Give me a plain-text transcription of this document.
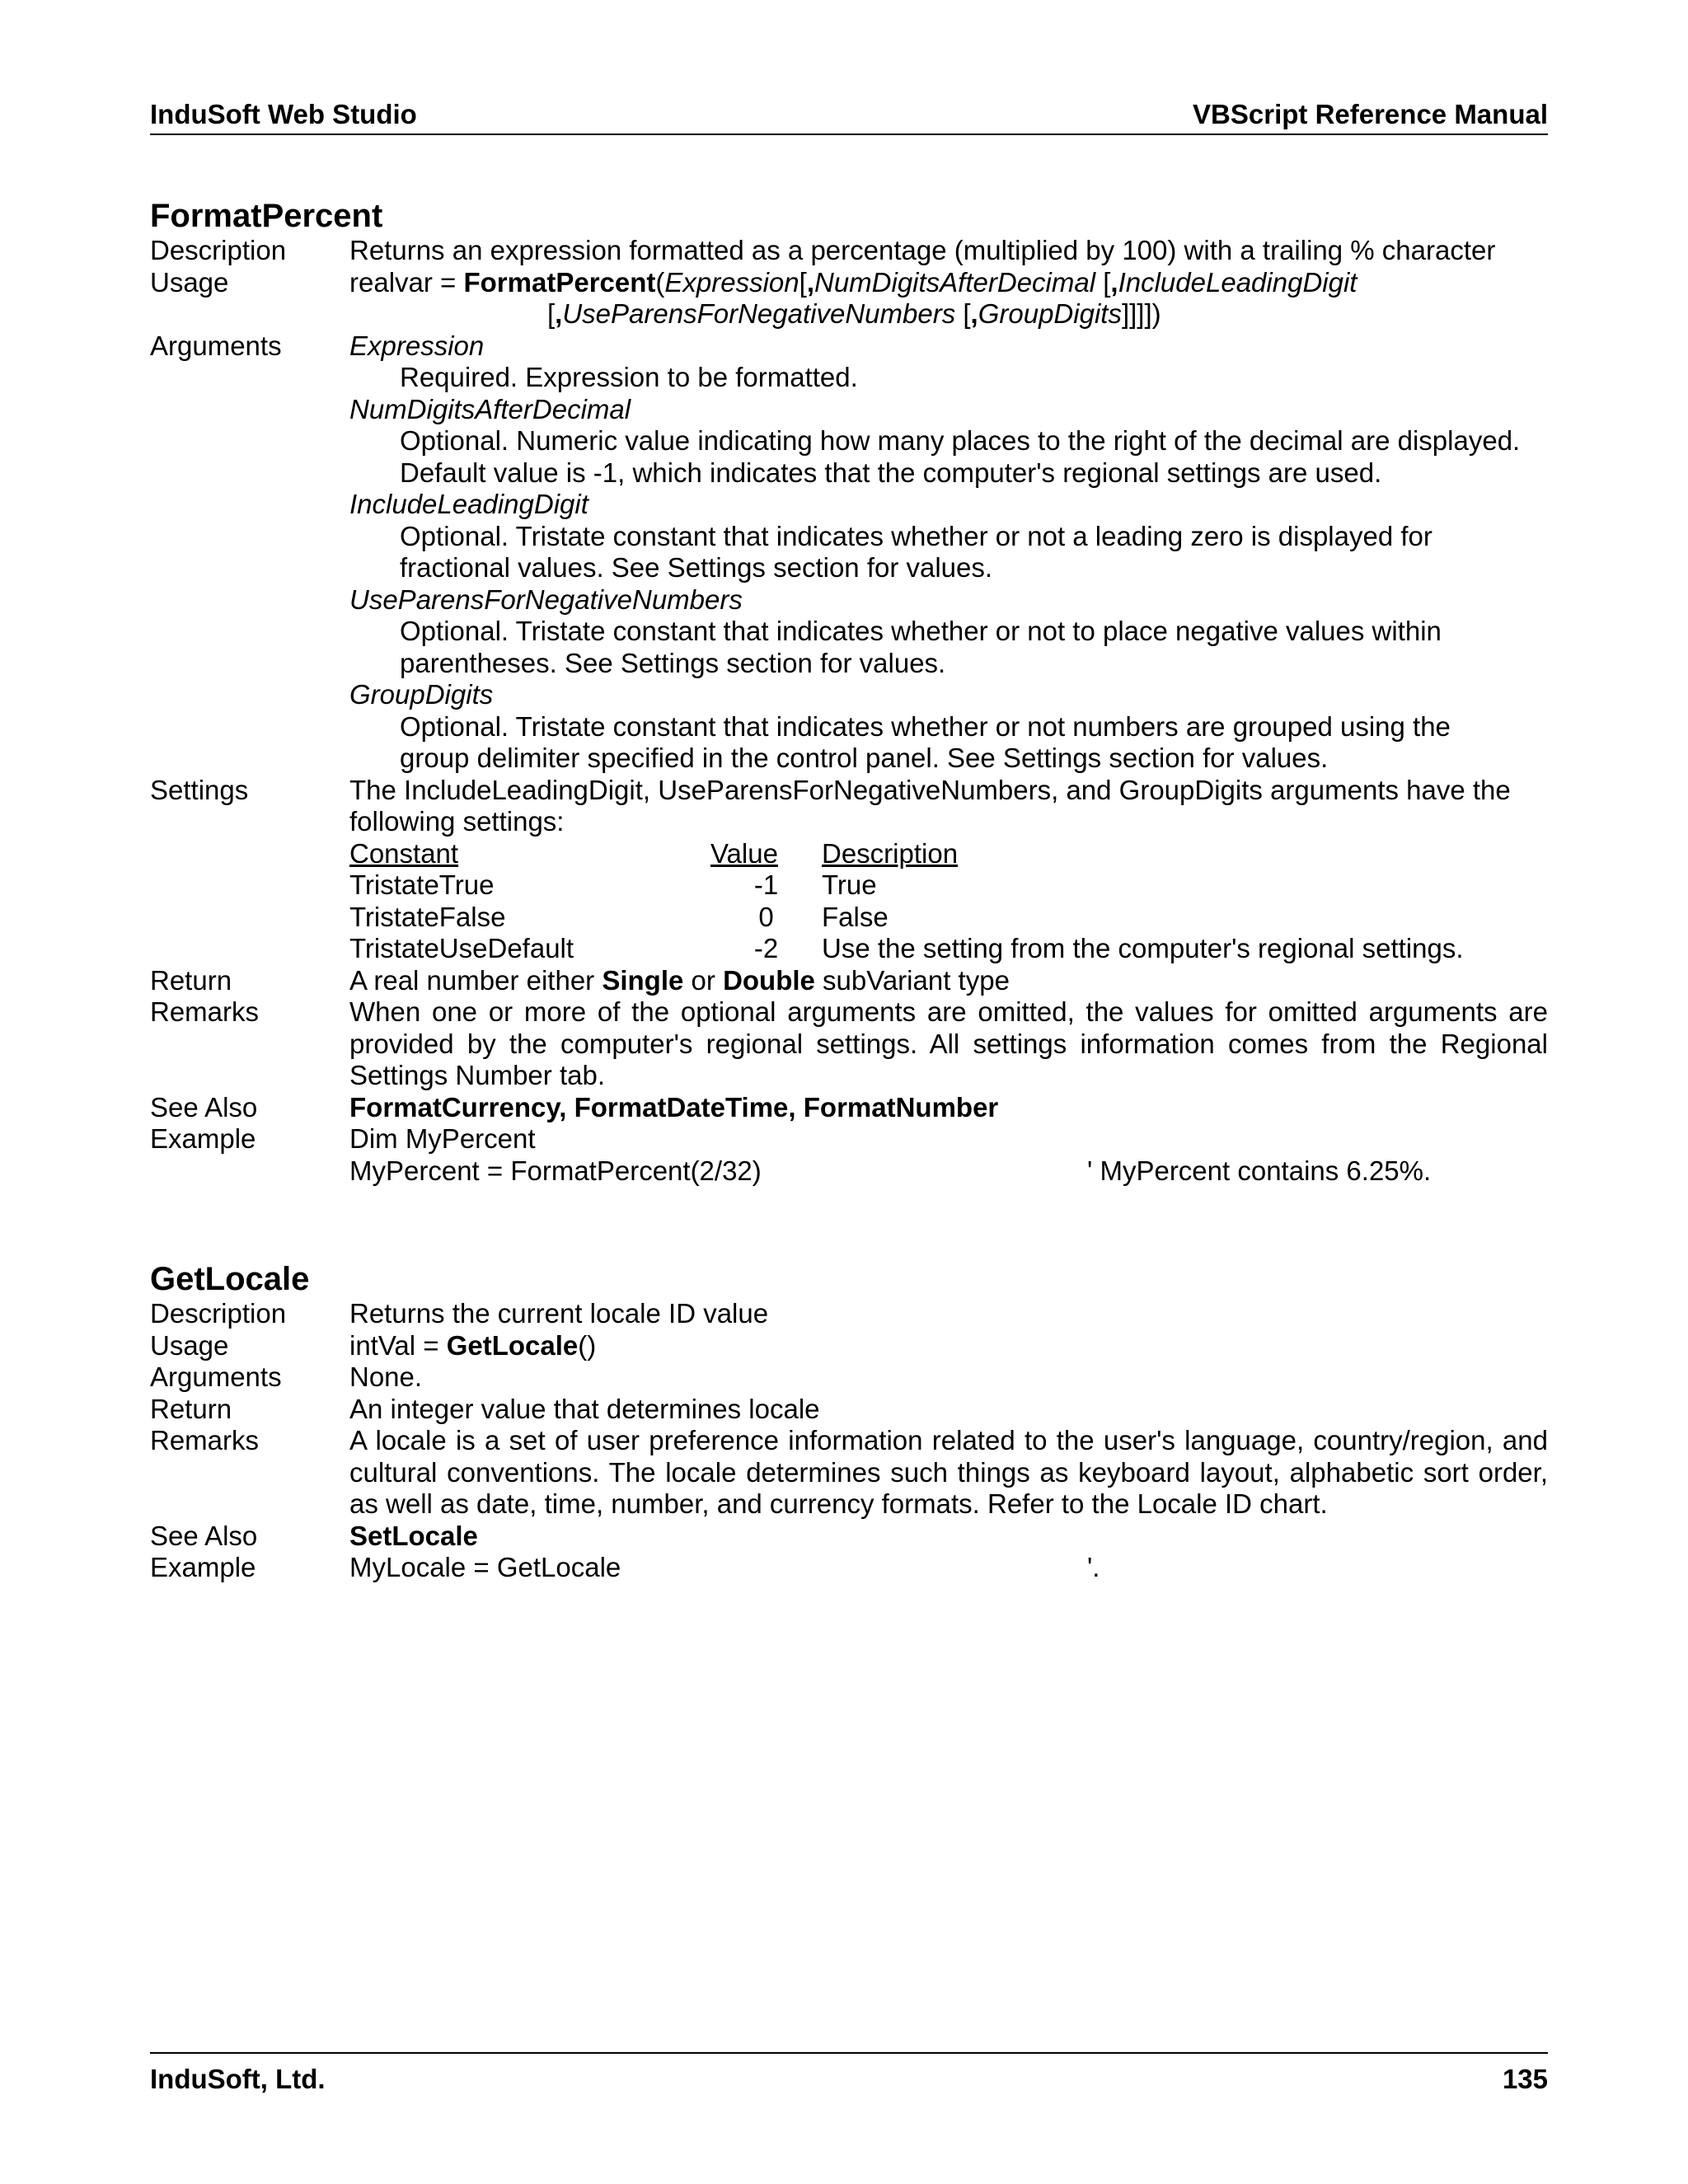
InduSoft Web Studio	VBScript Reference Manual
FormatPercent
Description	Returns an expression formatted as a percentage (multiplied by 100) with a trailing % character
Usage	realvar = FormatPercent(Expression[,NumDigitsAfterDecimal [,IncludeLeadingDigit
[,UseParensForNegativeNumbers [,GroupDigits]]]])
Arguments	Expression
Required. Expression to be formatted.
NumDigitsAfterDecimal
Optional. Numeric value indicating how many places to the right of the decimal are displayed.
Default value is -1, which indicates that the computer's regional settings are used.
IncludeLeadingDigit
Optional. Tristate constant that indicates whether or not a leading zero is displayed for
fractional values. See Settings section for values.
UseParensForNegativeNumbers
Optional. Tristate constant that indicates whether or not to place negative values within
parentheses. See Settings section for values.
GroupDigits
Optional. Tristate constant that indicates whether or not numbers are grouped using the
group delimiter specified in the control panel. See Settings section for values.
Settings	The IncludeLeadingDigit, UseParensForNegativeNumbers, and GroupDigits arguments have the following settings:
Constant	Value	Description
TristateTrue	-1	True
TristateFalse	0	False
TristateUseDefault	-2	Use the setting from the computer's regional settings.
Return	A real number either Single or Double subVariant type
Remarks	When one or more of the optional arguments are omitted, the values for omitted arguments are provided by the computer's regional settings. All settings information comes from the Regional Settings Number tab.
See Also	FormatCurrency, FormatDateTime, FormatNumber
Example	Dim MyPercent
MyPercent = FormatPercent(2/32)	' MyPercent contains 6.25%.
GetLocale
Description	Returns the current locale ID value
Usage	intVal = GetLocale()
Arguments	None.
Return	An integer value that determines locale
Remarks	A locale is a set of user preference information related to the user's language, country/region, and cultural conventions. The locale determines such things as keyboard layout, alphabetic sort order, as well as date, time, number, and currency formats. Refer to the Locale ID chart.
See Also	SetLocale
Example	MyLocale = GetLocale	'.
InduSoft, Ltd.	135
